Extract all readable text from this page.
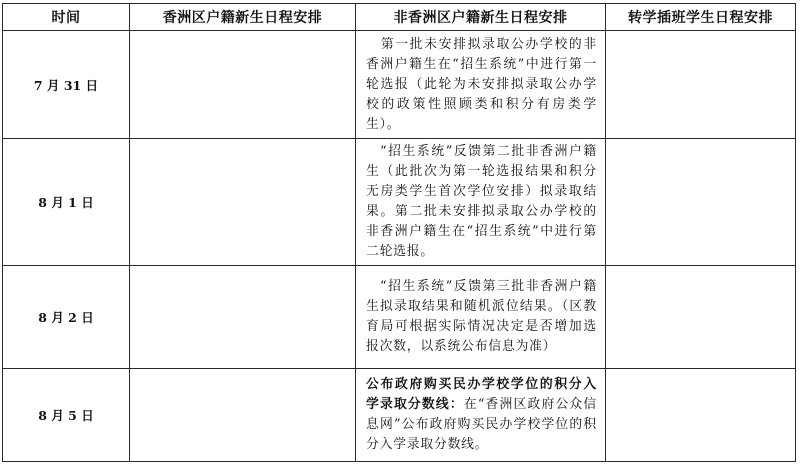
时间	香洲区户籍新生日程安排	非香洲区户籍新生日程安排	转学插班学生日程安排
7 月 31 日		第一批未安排拟录取公办学校的非香洲户籍生在“招生系统”中进行第一轮选报（此轮为未安排拟录取公办学校的政策性照顾类和积分有房类学生）。	
8 月 1 日		“招生系统”反馈第二批非香洲户籍生（此批次为第一轮选报结果和积分无房类学生首次学位安排）拟录取结果。第二批未安排拟录取公办学校的非香洲户籍生在“招生系统”中进行第二轮选报。	
8 月 2 日		“招生系统”反馈第三批非香洲户籍生拟录取结果和随机派位结果。（区教育局可根据实际情况决定是否增加选报次数，以系统公布信息为准）	
8 月 5 日		公布政府购买民办学校学位的积分入学录取分数线：在“香洲区政府公众信息网”公布政府购买民办学校学位的积分入学录取分数线。	
